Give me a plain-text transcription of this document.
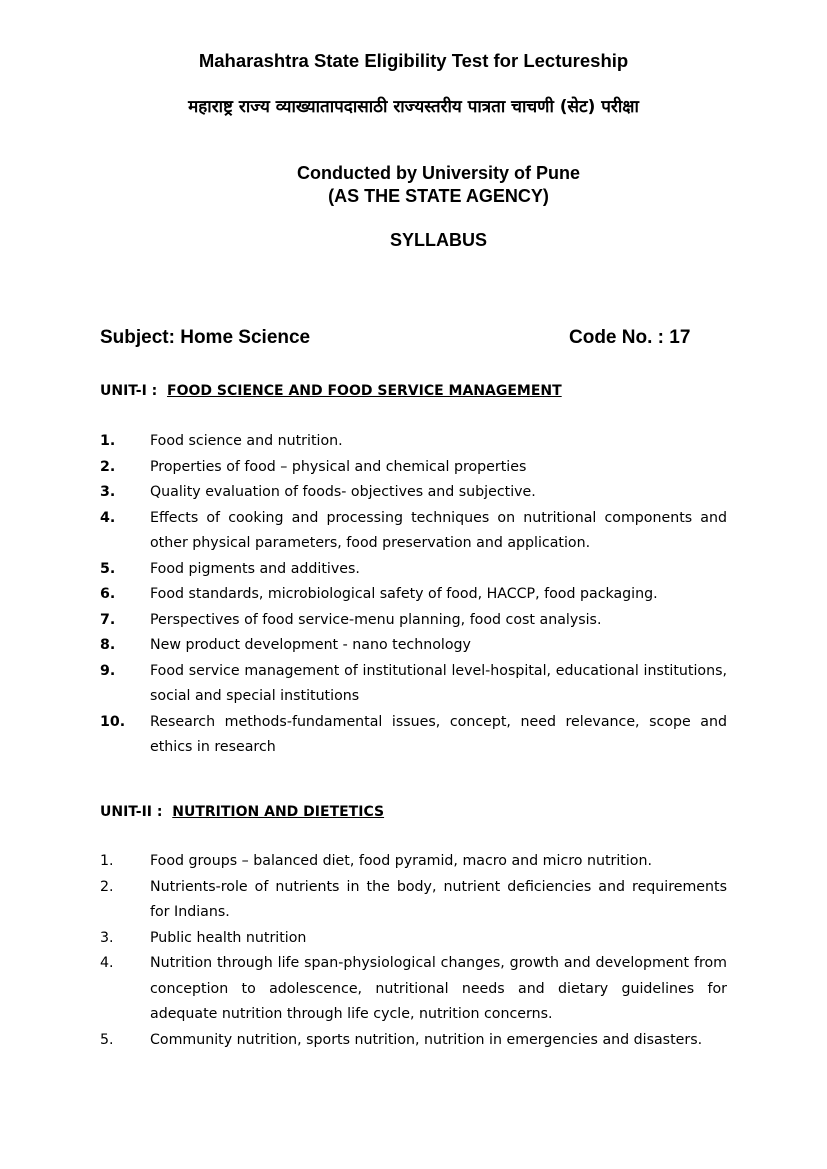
Maharashtra State Eligibility Test for Lectureship
महाराष्ट्र राज्य व्याख्यातापदासाठी राज्यस्तरीय पात्रता चाचणी (सेट) परीक्षा
Conducted by University of Pune
(AS THE STATE AGENCY)
SYLLABUS
Subject: Home Science	Code No. : 17
UNIT-I : FOOD SCIENCE AND FOOD SERVICE MANAGEMENT
1.	Food science and nutrition.
2.	Properties of food – physical and chemical properties
3.	Quality evaluation of foods- objectives and subjective.
4.	Effects of cooking and processing techniques on nutritional components and other physical parameters, food preservation and application.
5.	Food pigments and additives.
6.	Food standards, microbiological safety of food, HACCP, food packaging.
7.	Perspectives of food service-menu planning, food cost analysis.
8.	New product development - nano technology
9.	Food service management of institutional level-hospital, educational institutions, social and special institutions
10.	Research methods-fundamental issues, concept, need relevance, scope and ethics in research
UNIT-II : NUTRITION AND DIETETICS
1.	Food groups – balanced diet, food pyramid, macro and micro nutrition.
2.	Nutrients-role of nutrients in the body, nutrient deficiencies and requirements for Indians.
3.	Public health nutrition
4.	Nutrition through life span-physiological changes, growth and development from conception to adolescence, nutritional needs and dietary guidelines for adequate nutrition through life cycle, nutrition concerns.
5.	Community nutrition, sports nutrition, nutrition in emergencies and disasters.
